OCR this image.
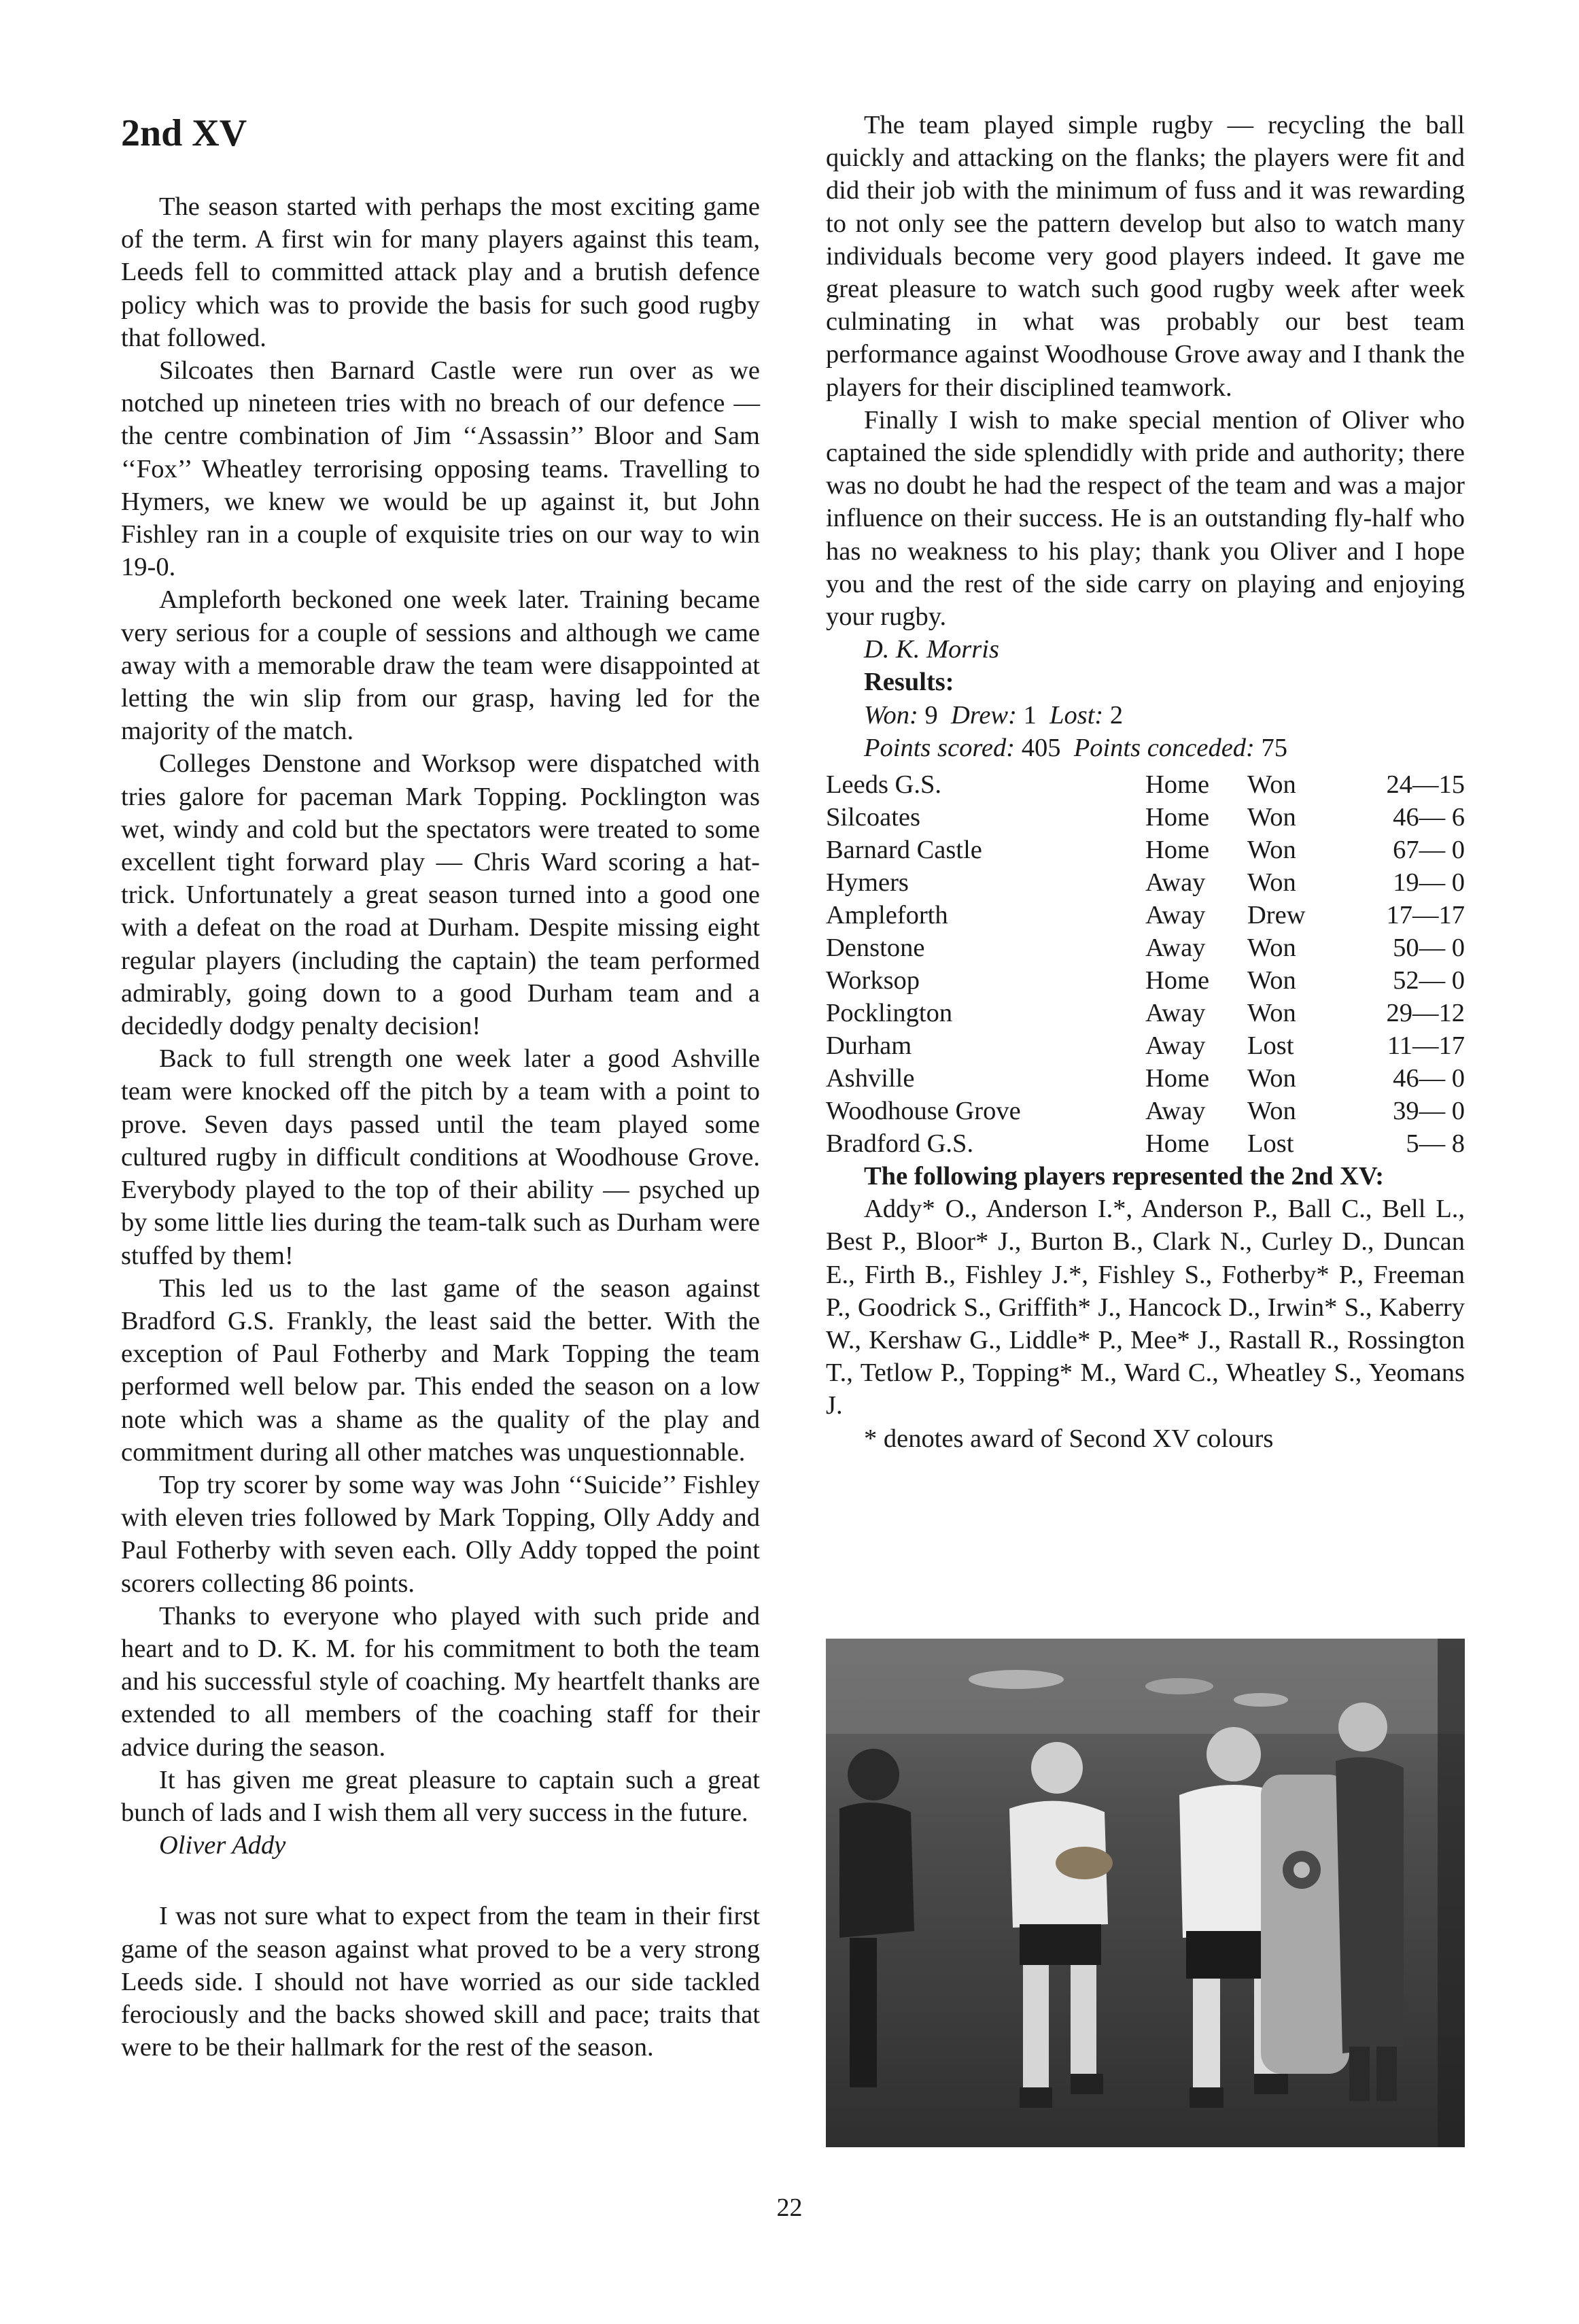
2nd XV

The season started with perhaps the most exciting game of the term. A first win for many players against this team, Leeds fell to committed attack play and a brutish defence policy which was to provide the basis for such good rugby that followed.

Silcoates then Barnard Castle were run over as we notched up nineteen tries with no breach of our defence — the centre combination of Jim ‘‘Assassin’’ Bloor and Sam ‘‘Fox’’ Wheatley terrorising opposing teams. Travelling to Hymers, we knew we would be up against it, but John Fishley ran in a couple of exquisite tries on our way to win 19-0.

Ampleforth beckoned one week later. Training became very serious for a couple of sessions and although we came away with a memorable draw the team were disappointed at letting the win slip from our grasp, having led for the majority of the match.

Colleges Denstone and Worksop were dispatched with tries galore for paceman Mark Topping. Pocklington was wet, windy and cold but the spectators were treated to some excellent tight forward play — Chris Ward scoring a hat-trick. Unfortunately a great season turned into a good one with a defeat on the road at Durham. Despite missing eight regular players (including the captain) the team performed admirably, going down to a good Durham team and a decidedly dodgy penalty decision!

Back to full strength one week later a good Ashville team were knocked off the pitch by a team with a point to prove. Seven days passed until the team played some cultured rugby in difficult conditions at Woodhouse Grove. Everybody played to the top of their ability — psyched up by some little lies during the team-talk such as Durham were stuffed by them!

This led us to the last game of the season against Bradford G.S. Frankly, the least said the better. With the exception of Paul Fotherby and Mark Topping the team performed well below par. This ended the season on a low note which was a shame as the quality of the play and commitment during all other matches was unquestionnable.

Top try scorer by some way was John ‘‘Suicide’’ Fishley with eleven tries followed by Mark Topping, Olly Addy and Paul Fotherby with seven each. Olly Addy topped the point scorers collecting 86 points.

Thanks to everyone who played with such pride and heart and to D. K. M. for his commitment to both the team and his successful style of coaching. My heartfelt thanks are extended to all members of the coaching staff for their advice during the season.

It has given me great pleasure to captain such a great bunch of lads and I wish them all very success in the future.

Oliver Addy

I was not sure what to expect from the team in their first game of the season against what proved to be a very strong Leeds side. I should not have worried as our side tackled ferociously and the backs showed skill and pace; traits that were to be their hallmark for the rest of the season.

The team played simple rugby — recycling the ball quickly and attacking on the flanks; the players were fit and did their job with the minimum of fuss and it was rewarding to not only see the pattern develop but also to watch many individuals become very good players indeed. It gave me great pleasure to watch such good rugby week after week culminating in what was probably our best team performance against Woodhouse Grove away and I thank the players for their disciplined teamwork.

Finally I wish to make special mention of Oliver who captained the side splendidly with pride and authority; there was no doubt he had the respect of the team and was a major influence on their success. He is an outstanding fly-half who has no weakness to his play; thank you Oliver and I hope you and the rest of the side carry on playing and enjoying your rugby.

D. K. Morris

Results:

Won: 9 Drew: 1 Lost: 2

Points scored: 405 Points conceded: 75

Leeds G.S.	Home	Won	24—15
Silcoates	Home	Won	46— 6
Barnard Castle	Home	Won	67— 0
Hymers	Away	Won	19— 0
Ampleforth	Away	Drew	17—17
Denstone	Away	Won	50— 0
Worksop	Home	Won	52— 0
Pocklington	Away	Won	29—12
Durham	Away	Lost	11—17
Ashville	Home	Won	46— 0
Woodhouse Grove	Away	Won	39— 0
Bradford G.S.	Home	Lost	5— 8

The following players represented the 2nd XV:

Addy* O., Anderson I.*, Anderson P., Ball C., Bell L., Best P., Bloor* J., Burton B., Clark N., Curley D., Duncan E., Firth B., Fishley J.*, Fishley S., Fotherby* P., Freeman P., Goodrick S., Griffith* J., Hancock D., Irwin* S., Kaberry W., Kershaw G., Liddle* P., Mee* J., Rastall R., Rossington T., Tetlow P., Topping* M., Ward C., Wheatley S., Yeomans J.

* denotes award of Second XV colours

22
